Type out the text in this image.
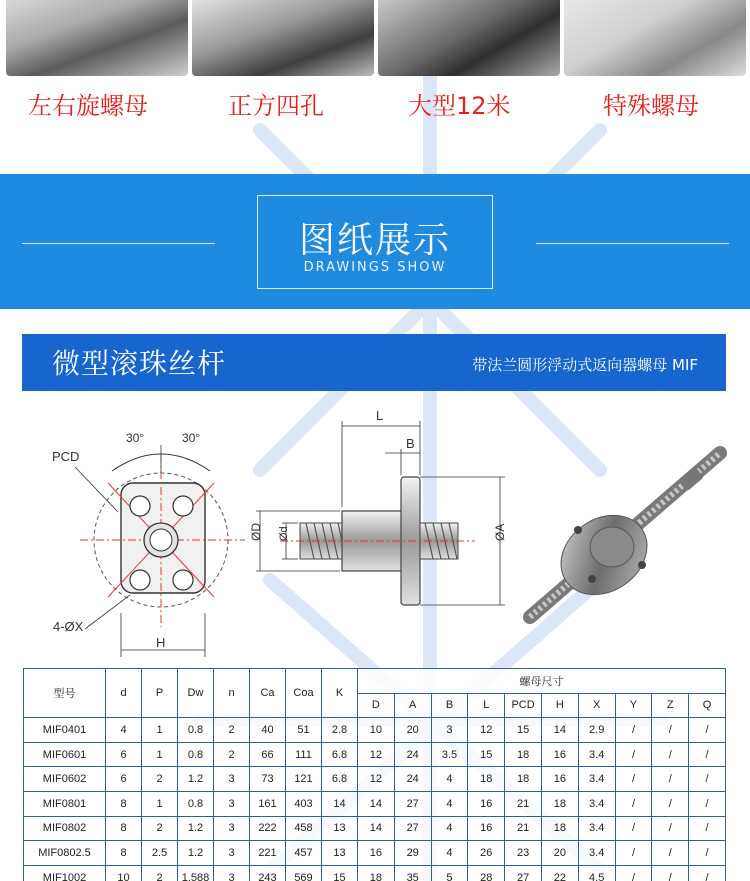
左右旋螺母	正方四孔	大型12米	特殊螺母
图纸展示
DRAWINGS SHOW
微型滚珠丝杆	带法兰圆形浮动式返向器螺母 MIF
30°	30°
PCD
4-ØX
H
L
B
ØD Ød	ØA
型号	d	P	Dw	n	Ca	Coa	K	螺母尺寸									
								D	A	B	L	PCD	H	X	Y	Z	Q
MIF0401	4	1	0.8	2	40	51	2.8	10	20	3	12	15	14	2.9	/	/	/
MIF0601	6	1	0.8	2	66	111	6.8	12	24	3.5	15	18	16	3.4	/	/	/
MIF0602	6	2	1.2	3	73	121	6.8	12	24	4	18	18	16	3.4	/	/	/
MIF0801	8	1	0.8	3	161	403	14	14	27	4	16	21	18	3.4	/	/	/
MIF0802	8	2	1.2	3	222	458	13	14	27	4	16	21	18	3.4	/	/	/
MIF0802.5	8	2.5	1.2	3	221	457	13	16	29	4	26	23	20	3.4	/	/	/
MIF1002	10	2	1.588	3	243	569	15	18	35	5	28	27	22	4.5	/	/	/
